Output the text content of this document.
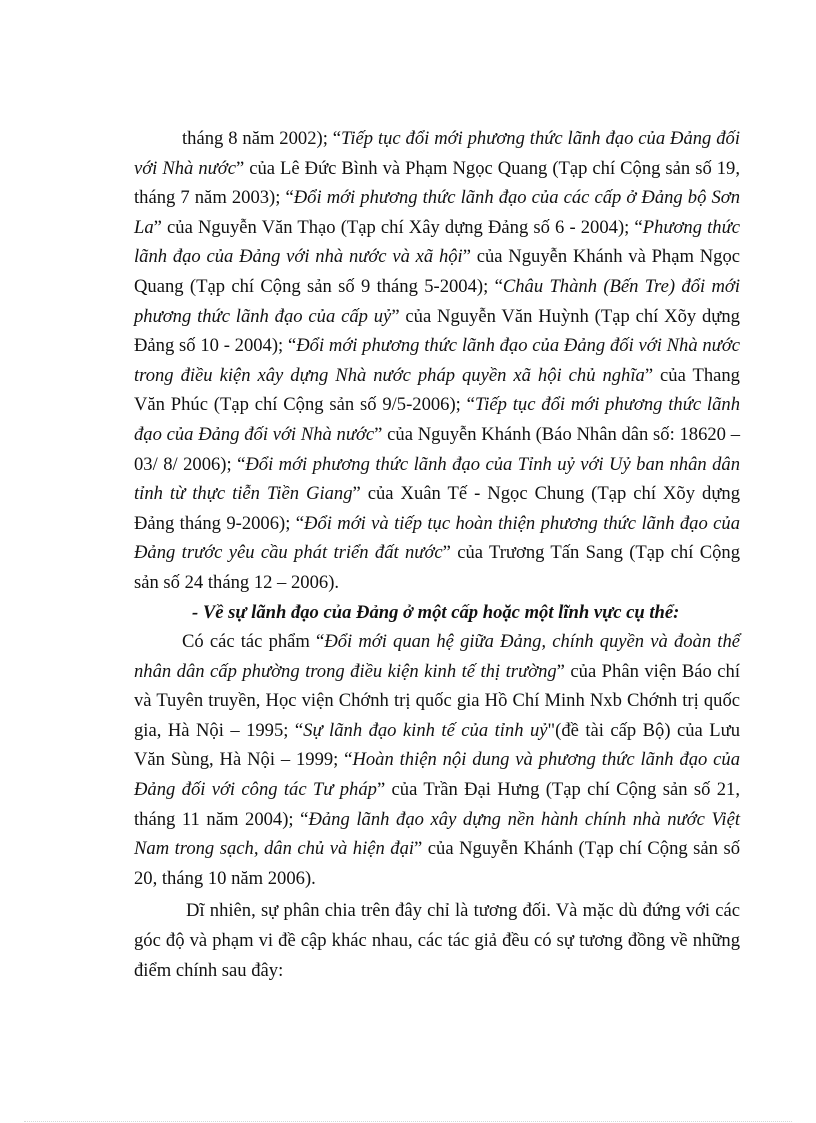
tháng 8 năm 2002); “Tiếp tục đổi mới phương thức lãnh đạo của Đảng đối với Nhà nước” của Lê Đức Bình và Phạm Ngọc Quang (Tạp chí Cộng sản số 19, tháng 7 năm 2003); “Đổi mới phương thức lãnh đạo của các cấp ở Đảng bộ Sơn La” của Nguyễn Văn Thạo (Tạp chí Xây dựng Đảng số 6 - 2004); “Phương thức lãnh đạo của Đảng với nhà nước và xã hội” của Nguyễn Khánh và Phạm Ngọc Quang (Tạp chí Cộng sản số 9 tháng 5-2004); “Châu Thành (Bến Tre) đổi mới phương thức lãnh đạo của cấp uỷ” của Nguyễn Văn Huỳnh (Tạp chí Xõy dựng Đảng số 10 - 2004); “Đổi mới phương thức lãnh đạo của Đảng đối với Nhà nước trong điều kiện xây dựng Nhà nước pháp quyền xã hội chủ nghĩa” của Thang Văn Phúc (Tạp chí Cộng sản số 9/5-2006); “Tiếp tục đổi mới phương thức lãnh đạo của Đảng đối với Nhà nước” của Nguyễn Khánh (Báo Nhân dân số: 18620 – 03/ 8/ 2006); “Đổi mới phương thức lãnh đạo của Tỉnh uỷ với Uỷ ban nhân dân tỉnh từ thực tiễn Tiền Giang” của Xuân Tế - Ngọc Chung (Tạp chí Xõy dựng Đảng tháng 9-2006); “Đổi mới và tiếp tục hoàn thiện phương thức lãnh đạo của Đảng trước yêu cầu phát triển đất nước” của Trương Tấn Sang (Tạp chí Cộng sản số 24 tháng 12 – 2006).

- Về sự lãnh đạo của Đảng ở một cấp hoặc một lĩnh vực cụ thể:

Có các tác phẩm “Đổi mới quan hệ giữa Đảng, chính quyền và đoàn thể nhân dân cấp phường trong điều kiện kinh tế thị trường” của Phân viện Báo chí và Tuyên truyền, Học viện Chớnh trị quốc gia Hồ Chí Minh Nxb Chớnh trị quốc gia, Hà Nội – 1995; “Sự lãnh đạo kinh tế của tỉnh uỷ"(đề tài cấp Bộ) của Lưu Văn Sùng, Hà Nội – 1999; “Hoàn thiện nội dung và phương thức lãnh đạo của Đảng đối với công tác Tư pháp” của Trần Đại Hưng (Tạp chí Cộng sản số 21, tháng 11 năm 2004); “Đảng lãnh đạo xây dựng nền hành chính nhà nước Việt Nam trong sạch, dân chủ và hiện đại” của Nguyễn Khánh (Tạp chí Cộng sản số 20, tháng 10 năm 2006).

Dĩ nhiên, sự phân chia trên đây chỉ là tương đối. Và mặc dù đứng với các góc độ và phạm vi đề cập khác nhau, các tác giả đều có sự tương đồng về những điểm chính sau đây:
